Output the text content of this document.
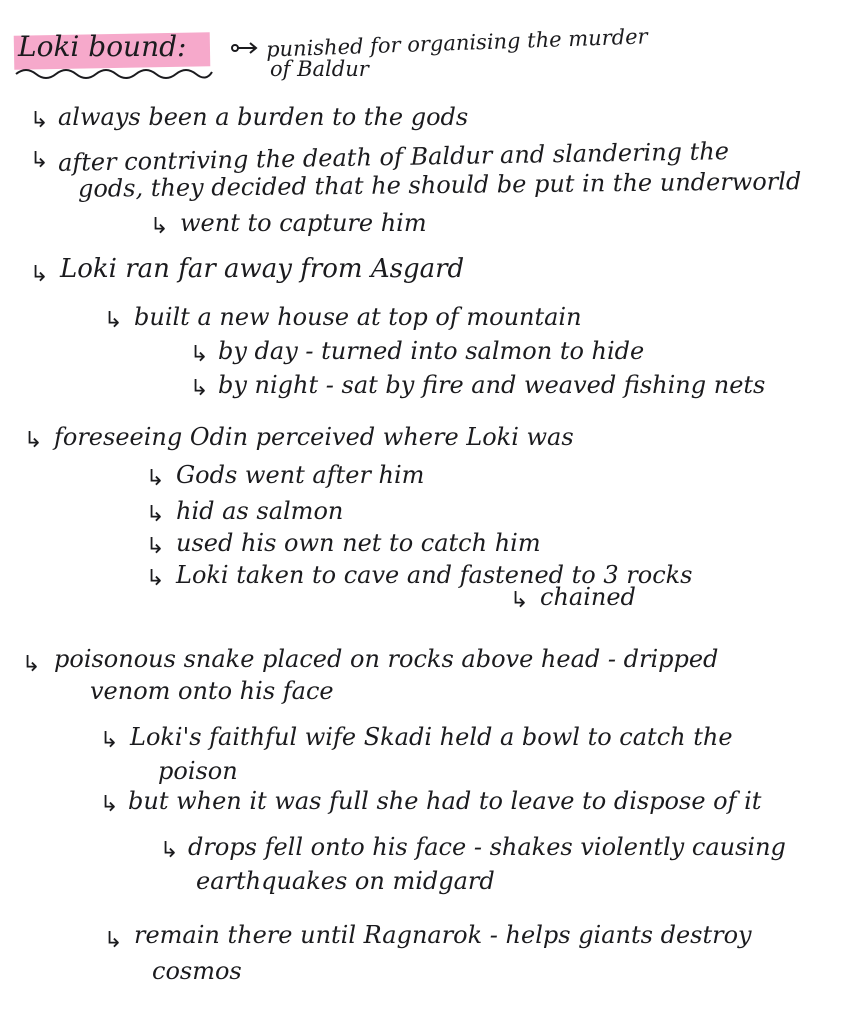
Loki bound:	punished for organising the murder
of Baldur
↳ always been a burden to the gods
↳ after contriving the death of Baldur and slandering the
gods, they decided that he should be put in the underworld
↳ went to capture him
↳ Loki ran far away from Asgard
↳ built a new house at top of mountain
↳ by day - turned into salmon to hide
↳ by night - sat by fire and weaved fishing nets
↳ foreseeing Odin perceived where Loki was
↳ Gods went after him
↳ hid as salmon
↳ used his own net to catch him
↳ Loki taken to cave and fastened to 3 rocks
↳ chained
↳ poisonous snake placed on rocks above head - dripped
venom onto his face
↳ Loki's faithful wife Skadi held a bowl to catch the
poison
↳ but when it was full she had to leave to dispose of it
↳ drops fell onto his face - shakes violently causing
earthquakes on midgard
↳ remain there until Ragnarok - helps giants destroy
cosmos
